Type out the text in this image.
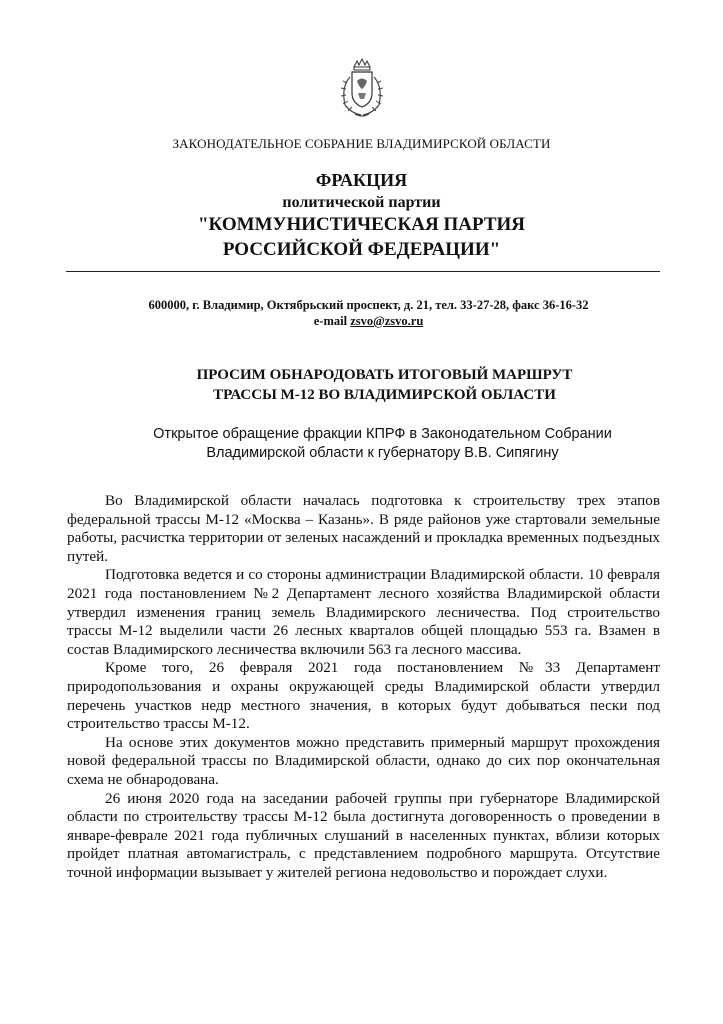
ЗАКОНОДАТЕЛЬНОЕ СОБРАНИЕ ВЛАДИМИРСКОЙ ОБЛАСТИ
ФРАКЦИЯ
политической партии
"КОММУНИСТИЧЕСКАЯ ПАРТИЯ
РОССИЙСКОЙ ФЕДЕРАЦИИ"
600000, г. Владимир, Октябрьский проспект, д. 21, тел. 33-27-28, факс 36-16-32
e-mail zsvo@zsvo.ru
ПРОСИМ ОБНАРОДОВАТЬ ИТОГОВЫЙ МАРШРУТ
ТРАССЫ М-12 ВО ВЛАДИМИРСКОЙ ОБЛАСТИ
Открытое обращение фракции КПРФ в Законодательном Собрании
Владимирской области к губернатору В.В. Сипягину

Во Владимирской области началась подготовка к строительству трех этапов федеральной трассы М-12 «Москва – Казань». В ряде районов уже стартовали земельные работы, расчистка территории от зеленых насаждений и прокладка временных подъездных путей.

Подготовка ведется и со стороны администрации Владимирской области. 10 февраля 2021 года постановлением №2 Департамент лесного хозяйства Владимирской области утвердил изменения границ земель Владимирского лесничества. Под строительство трассы М-12 выделили части 26 лесных кварталов общей площадью 553 га. Взамен в состав Владимирского лесничества включили 563 га лесного массива.

Кроме того, 26 февраля 2021 года постановлением №33 Департамент природопользования и охраны окружающей среды Владимирской области утвердил перечень участков недр местного значения, в которых будут добываться пески под строительство трассы М-12.

На основе этих документов можно представить примерный маршрут прохождения новой федеральной трассы по Владимирской области, однако до сих пор окончательная схема не обнародована.

26 июня 2020 года на заседании рабочей группы при губернаторе Владимирской области по строительству трассы М-12 была достигнута договоренность о проведении в январе-феврале 2021 года публичных слушаний в населенных пунктах, вблизи которых пройдет платная автомагистраль, с представлением подробного маршрута. Отсутствие точной информации вызывает у жителей региона недовольство и порождает слухи.
